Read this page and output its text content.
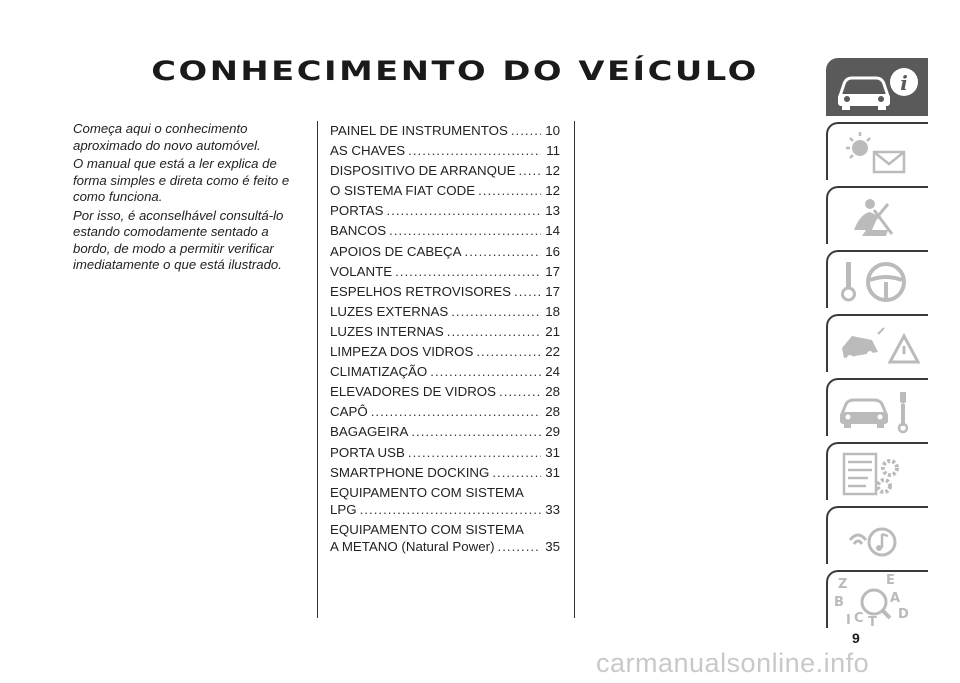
CONHECIMENTO DO VEÍCULO

Começa aqui o conhecimento aproximado do novo automóvel.

O manual que está a ler explica de forma simples e direta como é feito e como funciona.

Por isso, é aconselhável consultá-lo estando comodamente sentado a bordo, de modo a permitir verificar imediatamente o que está ilustrado.

PAINEL DE INSTRUMENTOS .....	10
AS CHAVES .....	11
DISPOSITIVO DE ARRANQUE ..... 12
O SISTEMA FIAT CODE .....	12
PORTAS .....	13
BANCOS .....	14
APOIOS DE CABEÇA .....	16
VOLANTE .....	17
ESPELHOS RETROVISORES .....	17
LUZES EXTERNAS .....	18
LUZES INTERNAS .....	21
LIMPEZA DOS VIDROS .....	22
CLIMATIZAÇÃO .....	24
ELEVADORES DE VIDROS .....	28
CAPÔ .....	28
BAGAGEIRA .....	29
PORTA USB .....	31
SMARTPHONE DOCKING .....	31
EQUIPAMENTO COM SISTEMA
LPG .....	33
EQUIPAMENTO COM SISTEMA
A METANO (Natural Power) .....	35
i
Z	E
B	A
D
I C T
9
carmanualsonline.info
